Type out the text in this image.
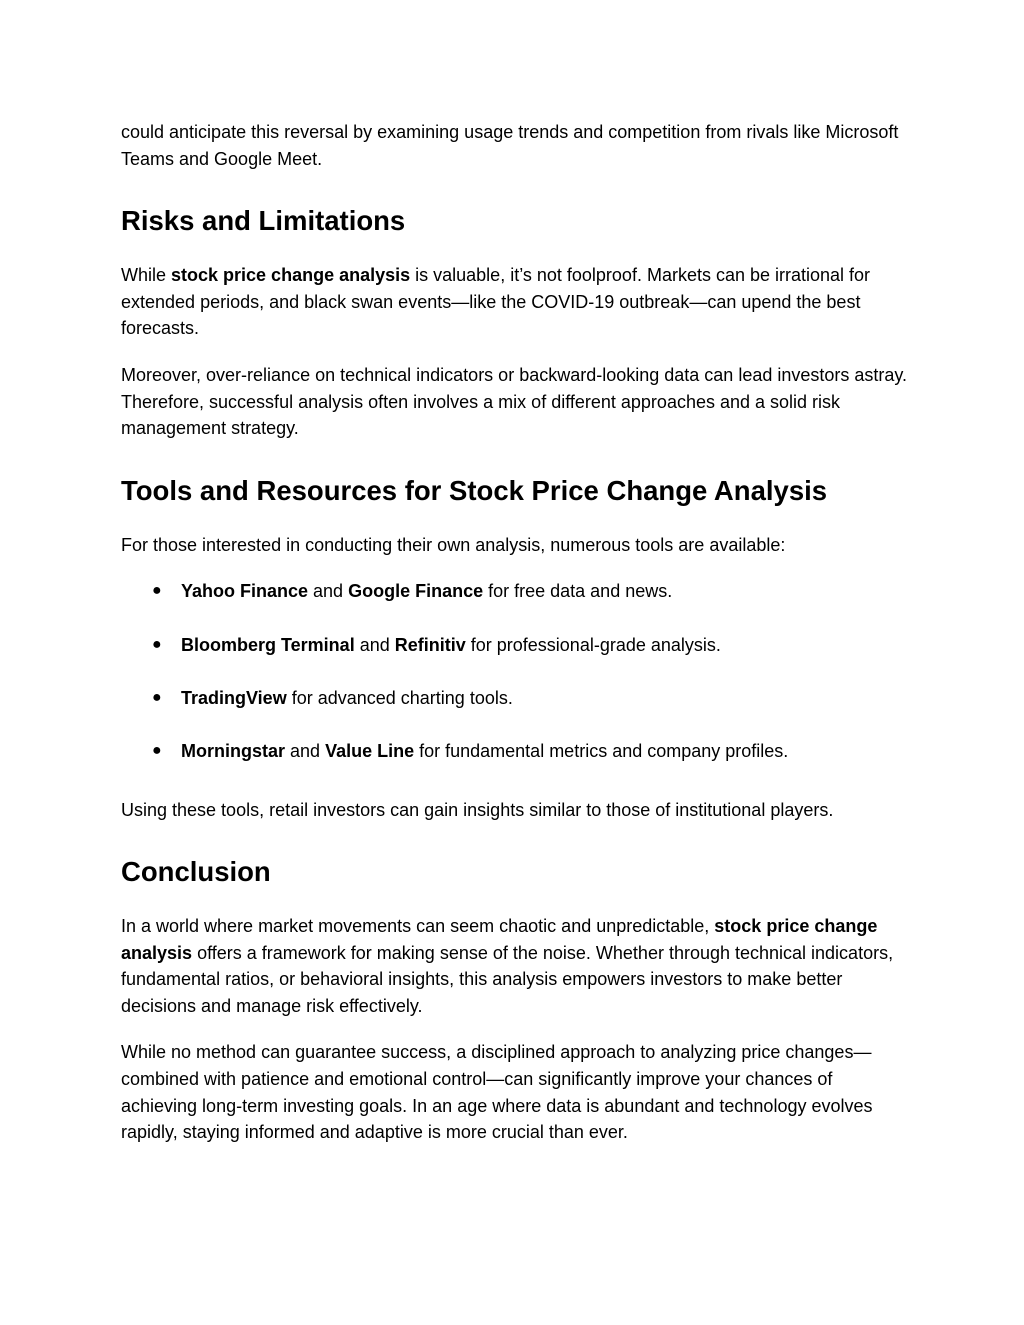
could anticipate this reversal by examining usage trends and competition from rivals like Microsoft Teams and Google Meet.

Risks and Limitations

While stock price change analysis is valuable, it’s not foolproof. Markets can be irrational for extended periods, and black swan events—like the COVID-19 outbreak—can upend the best forecasts.

Moreover, over-reliance on technical indicators or backward-looking data can lead investors astray. Therefore, successful analysis often involves a mix of different approaches and a solid risk management strategy.

Tools and Resources for Stock Price Change Analysis

For those interested in conducting their own analysis, numerous tools are available:

● Yahoo Finance and Google Finance for free data and news.
● Bloomberg Terminal and Refinitiv for professional-grade analysis.
● TradingView for advanced charting tools.
● Morningstar and Value Line for fundamental metrics and company profiles.

Using these tools, retail investors can gain insights similar to those of institutional players.

Conclusion

In a world where market movements can seem chaotic and unpredictable, stock price change analysis offers a framework for making sense of the noise. Whether through technical indicators, fundamental ratios, or behavioral insights, this analysis empowers investors to make better decisions and manage risk effectively.

While no method can guarantee success, a disciplined approach to analyzing price changes—combined with patience and emotional control—can significantly improve your chances of achieving long-term investing goals. In an age where data is abundant and technology evolves rapidly, staying informed and adaptive is more crucial than ever.
